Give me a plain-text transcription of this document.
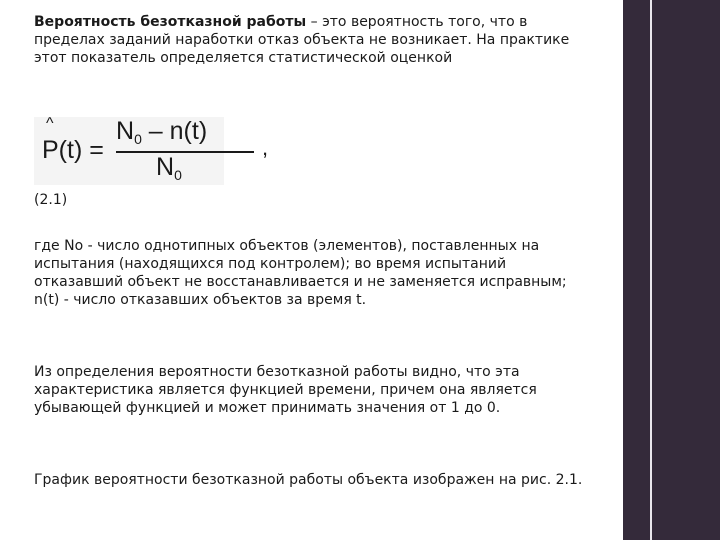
Вероятность безотказной работы – это вероятность того, что в пределах заданий наработки отказ объекта не возникает. На практике этот показатель определяется статистической оценкой

^
P(t) =
$N_0 - n(t)$
$N_0$
,

(2.1)

где No - число однотипных объектов (элементов), поставленных на испытания (находящихся под контролем); во время испытаний отказавший объект не восстанавливается и не заменяется исправным; n(t) - число отказавших объектов за время t.

Из определения вероятности безотказной работы видно, что эта характеристика является функцией времени, причем она является убывающей функцией и может принимать значения от 1 до 0.

График вероятности безотказной работы объекта изображен на рис. 2.1.
